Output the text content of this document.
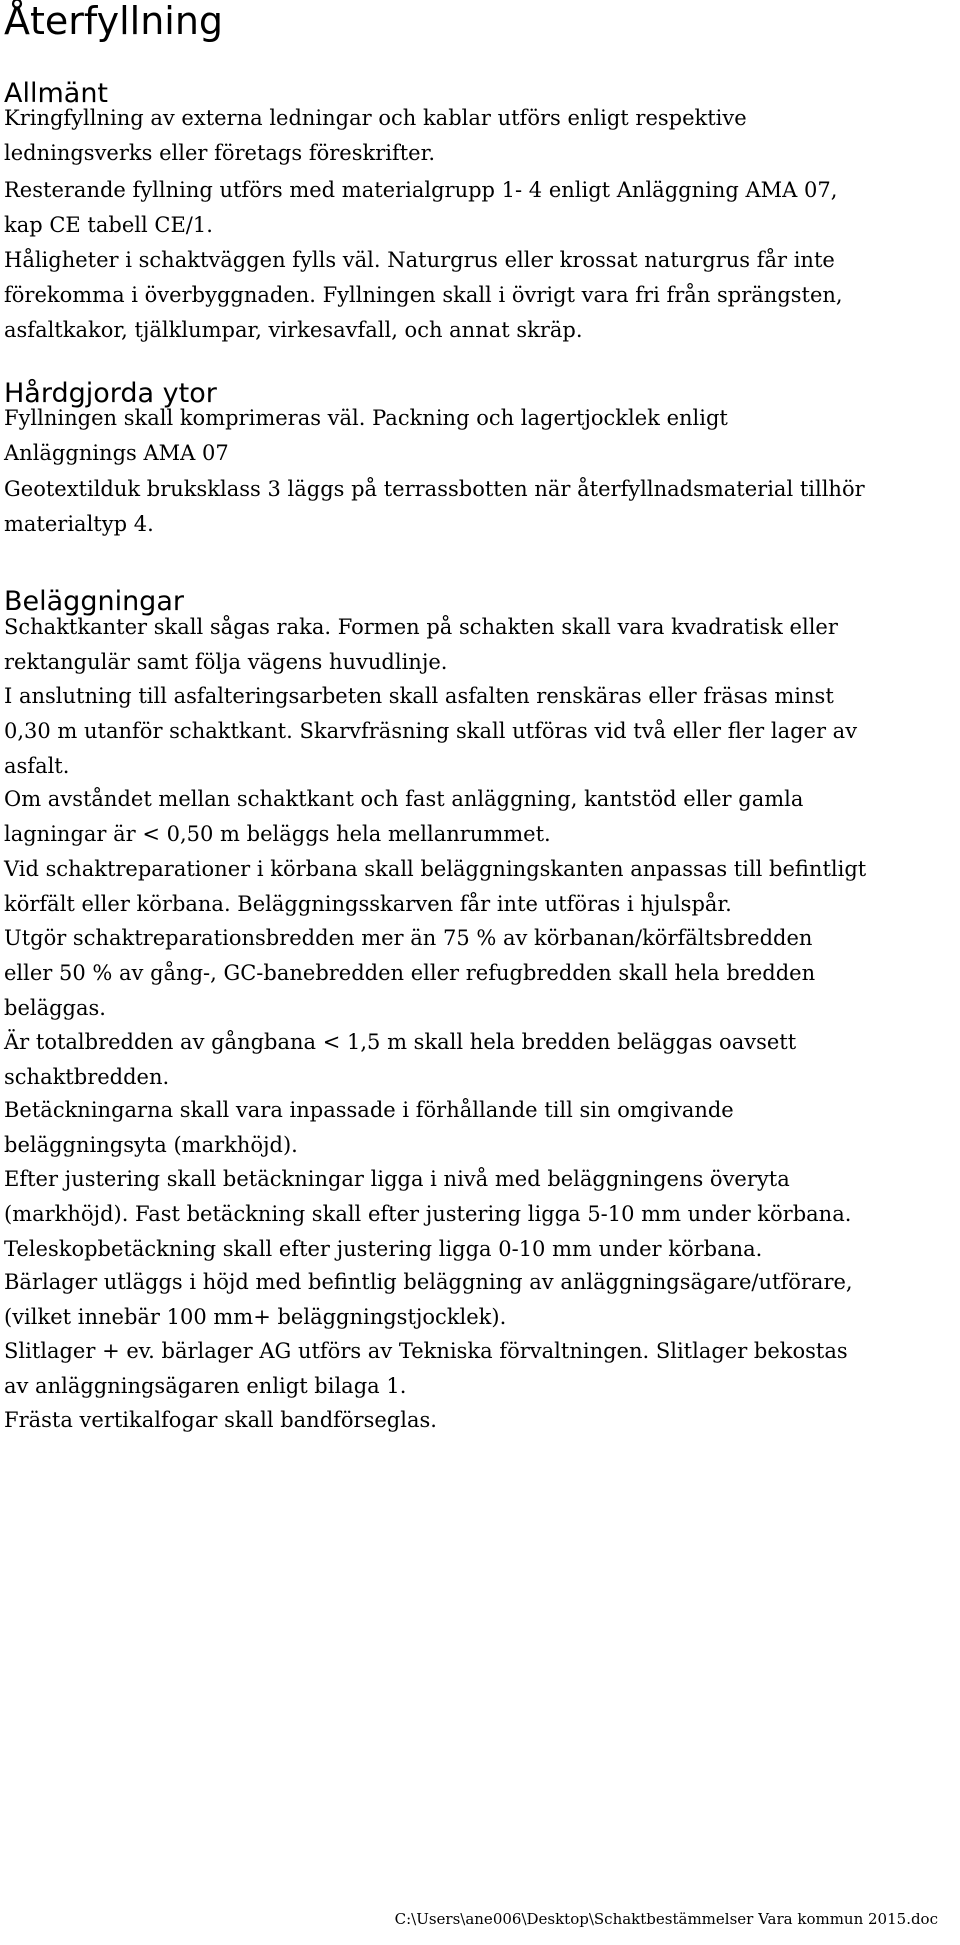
Återfyllning
Allmänt

Kringfyllning av externa ledningar och kablar utförs enligt respektive
ledningsverks eller företags föreskrifter.

Resterande fyllning utförs med materialgrupp 1- 4 enligt Anläggning AMA 07,
kap CE tabell CE/1.

Håligheter i schaktväggen fylls väl. Naturgrus eller krossat naturgrus får inte
förekomma i överbyggnaden. Fyllningen skall i övrigt vara fri från sprängsten,
asfaltkakor, tjälklumpar, virkesavfall, och annat skräp.

Hårdgjorda ytor

Fyllningen skall komprimeras väl. Packning och lagertjocklek enligt
Anläggnings AMA 07

Geotextilduk bruksklass 3 läggs på terrassbotten när återfyllnadsmaterial tillhör
materialtyp 4.

Beläggningar

Schaktkanter skall sågas raka. Formen på schakten skall vara kvadratisk eller
rektangulär samt följa vägens huvudlinje.

I anslutning till asfalteringsarbeten skall asfalten renskäras eller fräsas minst
0,30 m utanför schaktkant. Skarvfräsning skall utföras vid två eller fler lager av
asfalt.

Om avståndet mellan schaktkant och fast anläggning, kantstöd eller gamla
lagningar är < 0,50 m beläggs hela mellanrummet.

Vid schaktreparationer i körbana skall beläggningskanten anpassas till befintligt
körfält eller körbana. Beläggningsskarven får inte utföras i hjulspår.

Utgör schaktreparationsbredden mer än 75 % av körbanan/körfältsbredden
eller 50 % av gång-, GC-banebredden eller refugbredden skall hela bredden
beläggas.

Är totalbredden av gångbana < 1,5 m skall hela bredden beläggas oavsett
schaktbredden.

Betäckningarna skall vara inpassade i förhållande till sin omgivande
beläggningsyta (markhöjd).

Efter justering skall betäckningar ligga i nivå med beläggningens överyta
(markhöjd). Fast betäckning skall efter justering ligga 5-10 mm under körbana.

Teleskopbetäckning skall efter justering ligga 0-10 mm under körbana.

Bärlager utläggs i höjd med befintlig beläggning av anläggningsägare/utförare,
(vilket innebär 100 mm+ beläggningstjocklek).

Slitlager + ev. bärlager AG utförs av Tekniska förvaltningen. Slitlager bekostas
av anläggningsägaren enligt bilaga 1.

Frästa vertikalfogar skall bandförseglas.

C:\Users\ane006\Desktop\Schaktbestämmelser Vara kommun 2015.doc
